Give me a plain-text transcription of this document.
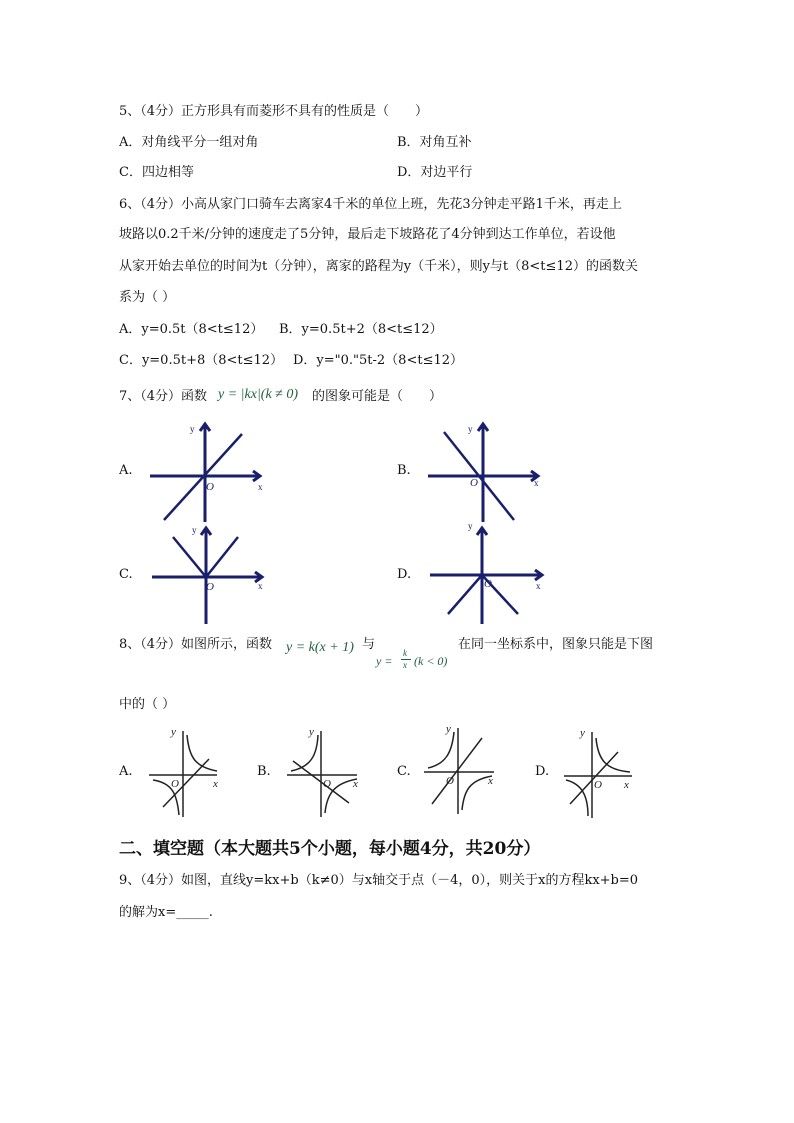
5、（4分）正方形具有而菱形不具有的性质是（　　）
A．对角线平分一组对角	B．对角互补
C．四边相等	D．对边平行
6、（4分）小高从家门口骑车去离家4千米的单位上班，先花3分钟走平路1千米，再走上
坡路以0.2千米/分钟的速度走了5分钟，最后走下坡路花了4分钟到达工作单位，若设他
从家开始去单位的时间为t（分钟），离家的路程为y（千米），则y与t（8<t≤12）的函数关
系为（ ）
A．y=0.5t（8<t≤12） B．y=0.5t+2（8<t≤12）
C．y=0.5t+8（8<t≤12） D．y="0."5t-2（8<t≤12）
7、（4分）函数 y = |kx|(k ≠ 0) 的图象可能是（　　）
A.
x
y
O
B.
x
y
O
C.
x
y
O
D.
x
y
O
8、（4分）如图所示，函数 y = k(x + 1) 与
y =
k
x (k < 0)
在同一坐标系中，图象只能是下图
中的（ ）
A.
x
y
O
B.
x
y
O
C.
x
y
O
D.
x
y
O
二、填空题（本大题共5个小题，每小题4分，共20分）
9、（4分）如图，直线y=kx+b（k≠0）与x轴交于点（－4，0），则关于x的方程kx+b=0
的解为x=_____.
